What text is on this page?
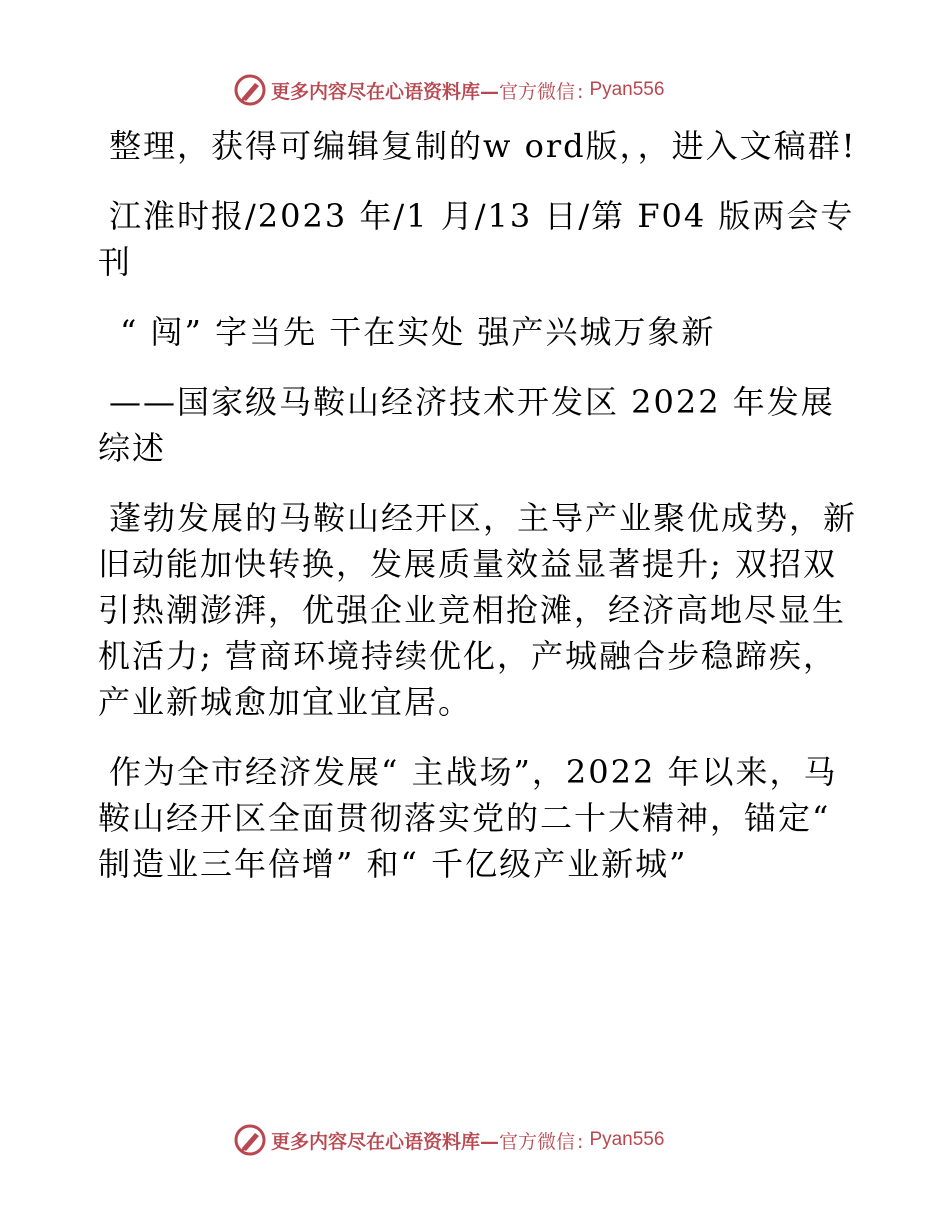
更多内容尽在心语资料库— 官方微信 : Pyan556

整理，获得可编辑复制的w ord版，，进入文稿群!

江淮时报/2023 年/1 月/13 日/第 F04 版两会专刊

“ 闯” 字当先 干在实处 强产兴城万象新

——国家级马鞍山经济技术开发区 2022 年发展综述

蓬勃发展的马鞍山经开区，主导产业聚优成势，新旧动能加快转换，发展质量效益显著提升; 双招双引热潮澎湃，优强企业竞相抢滩，经济高地尽显生机活力; 营商环境持续优化，产城融合步稳蹄疾，产业新城愈加宜业宜居。

作为全市经济发展“ 主战场”，2022 年以来，马鞍山经开区全面贯彻落实党的二十大精神，锚定“ 制造业三年倍增” 和“ 千亿级产业新城”

更多内容尽在心语资料库— 官方微信 : Pyan556
